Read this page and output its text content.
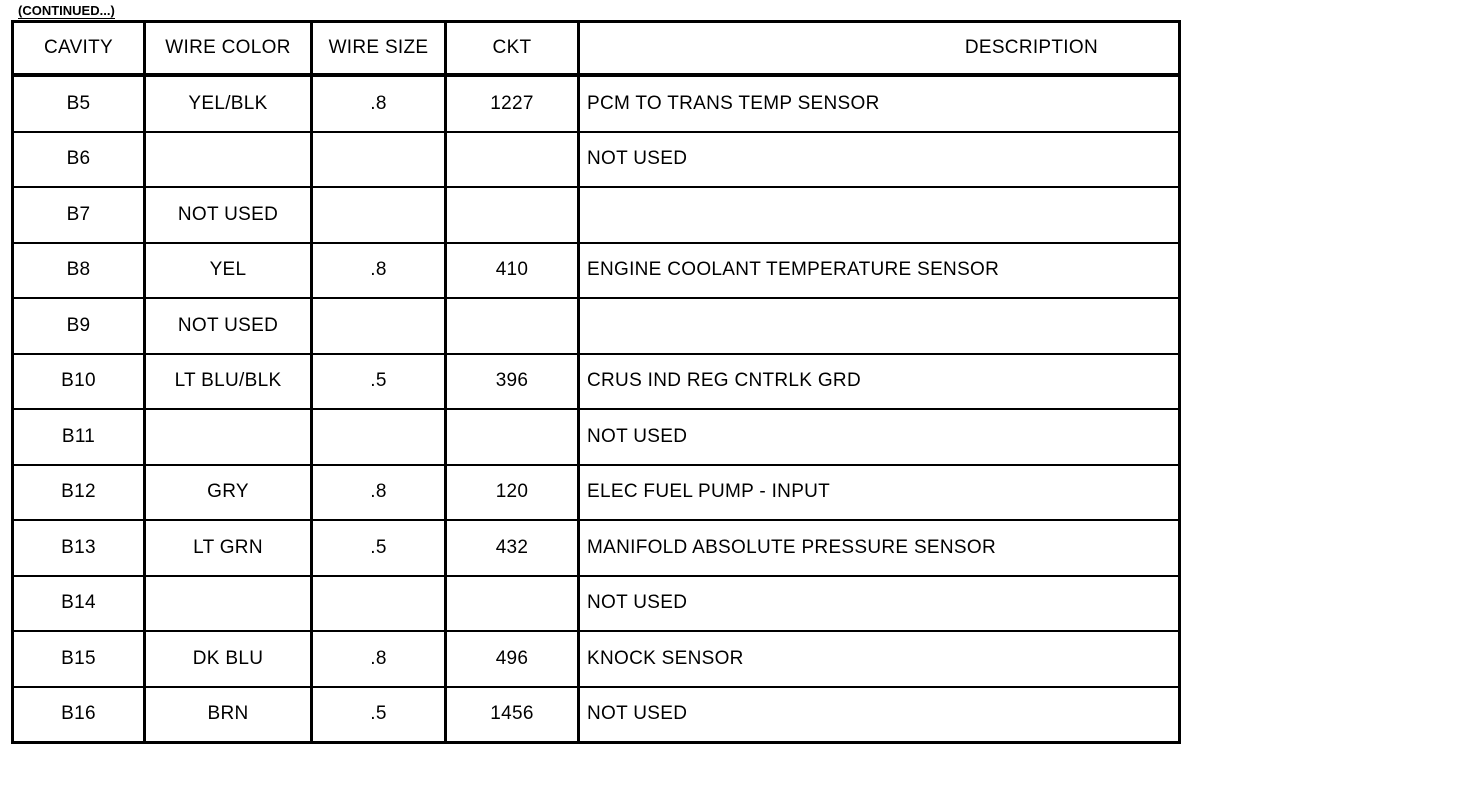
(CONTINUED...)
CAVITY	WIRE COLOR	WIRE SIZE	CKT	DESCRIPTION
B5	YEL/BLK	.8	1227	PCM TO TRANS TEMP SENSOR
B6				NOT USED
B7	NOT USED			
B8	YEL	.8	410	ENGINE COOLANT TEMPERATURE SENSOR
B9	NOT USED			
B10	LT BLU/BLK	.5	396	CRUS IND REG CNTRLK GRD
B11				NOT USED
B12	GRY	.8	120	ELEC FUEL PUMP - INPUT
B13	LT GRN	.5	432	MANIFOLD ABSOLUTE PRESSURE SENSOR
B14				NOT USED
B15	DK BLU	.8	496	KNOCK SENSOR
B16	BRN	.5	1456	NOT USED
